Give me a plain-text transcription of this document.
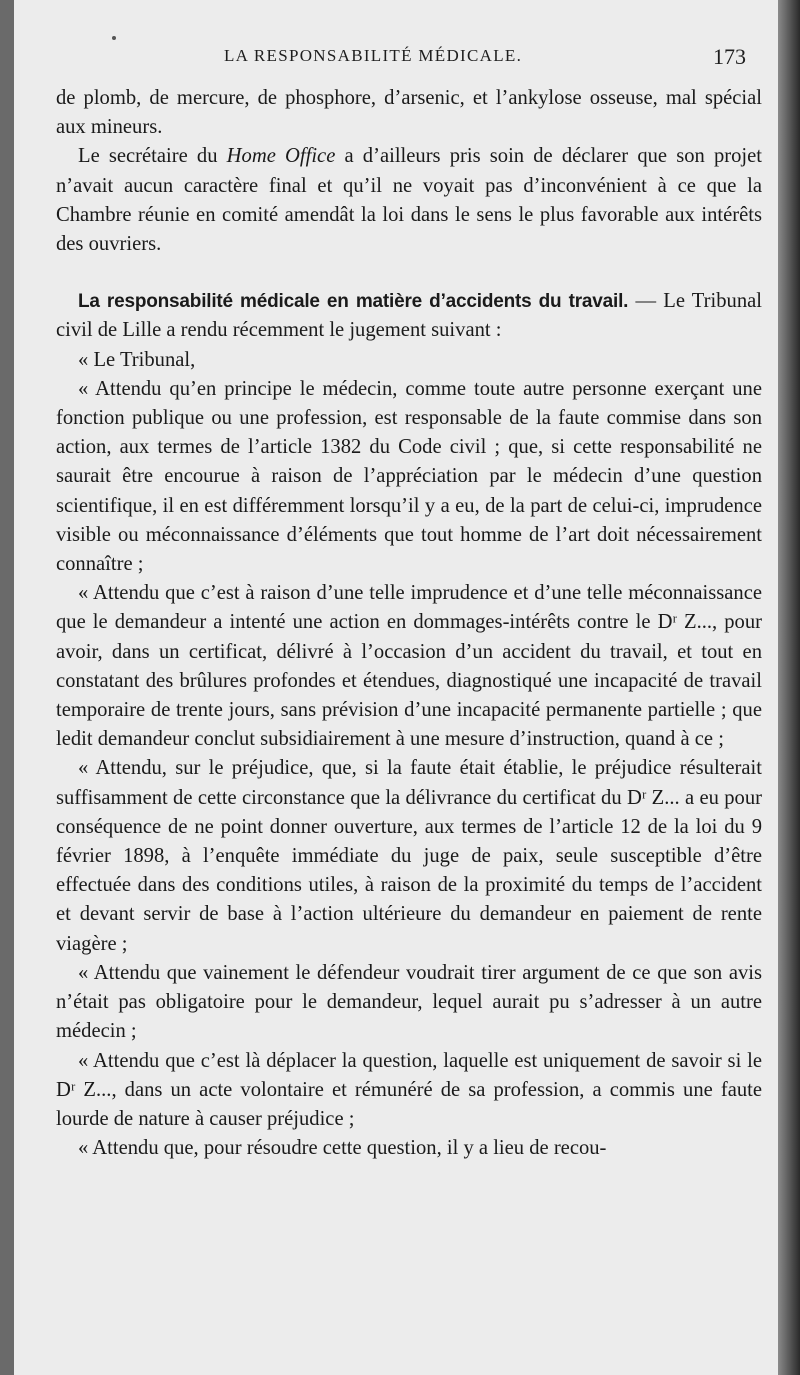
LA RESPONSABILITÉ MÉDICALE.	173

de plomb, de mercure, de phosphore, d’arsenic, et l’ankylose osseuse, mal spécial aux mineurs.

Le secrétaire du Home Office a d’ailleurs pris soin de déclarer que son projet n’avait aucun caractère final et qu’il ne voyait pas d’inconvénient à ce que la Chambre réunie en comité amendât la loi dans le sens le plus favorable aux intérêts des ouvriers.

La responsabilité médicale en matière d’accidents du travail. — Le Tribunal civil de Lille a rendu récemment le jugement suivant :

« Le Tribunal,

« Attendu qu’en principe le médecin, comme toute autre personne exerçant une fonction publique ou une profession, est responsable de la faute commise dans son action, aux termes de l’article 1382 du Code civil ; que, si cette responsabilité ne saurait être encourue à raison de l’appréciation par le médecin d’une question scientifique, il en est différemment lorsqu’il y a eu, de la part de celui-ci, imprudence visible ou méconnaissance d’éléments que tout homme de l’art doit nécessairement connaître ;

« Attendu que c’est à raison d’une telle imprudence et d’une telle méconnaissance que le demandeur a intenté une action en dommages-intérêts contre le Dʳ Z..., pour avoir, dans un certificat, délivré à l’occasion d’un accident du travail, et tout en constatant des brûlures profondes et étendues, diagnostiqué une incapacité de travail temporaire de trente jours, sans prévision d’une incapacité permanente partielle ; que ledit demandeur conclut subsidiairement à une mesure d’instruction, quand à ce ;

« Attendu, sur le préjudice, que, si la faute était établie, le préjudice résulterait suffisamment de cette circonstance que la délivrance du certificat du Dʳ Z... a eu pour conséquence de ne point donner ouverture, aux termes de l’article 12 de la loi du 9 février 1898, à l’enquête immédiate du juge de paix, seule susceptible d’être effectuée dans des conditions utiles, à raison de la proximité du temps de l’accident et devant servir de base à l’action ultérieure du demandeur en paiement de rente viagère ;

« Attendu que vainement le défendeur voudrait tirer argument de ce que son avis n’était pas obligatoire pour le demandeur, lequel aurait pu s’adresser à un autre médecin ;

« Attendu que c’est là déplacer la question, laquelle est uniquement de savoir si le Dʳ Z..., dans un acte volontaire et rémunéré de sa profession, a commis une faute lourde de nature à causer préjudice ;

« Attendu que, pour résoudre cette question, il y a lieu de recou-
